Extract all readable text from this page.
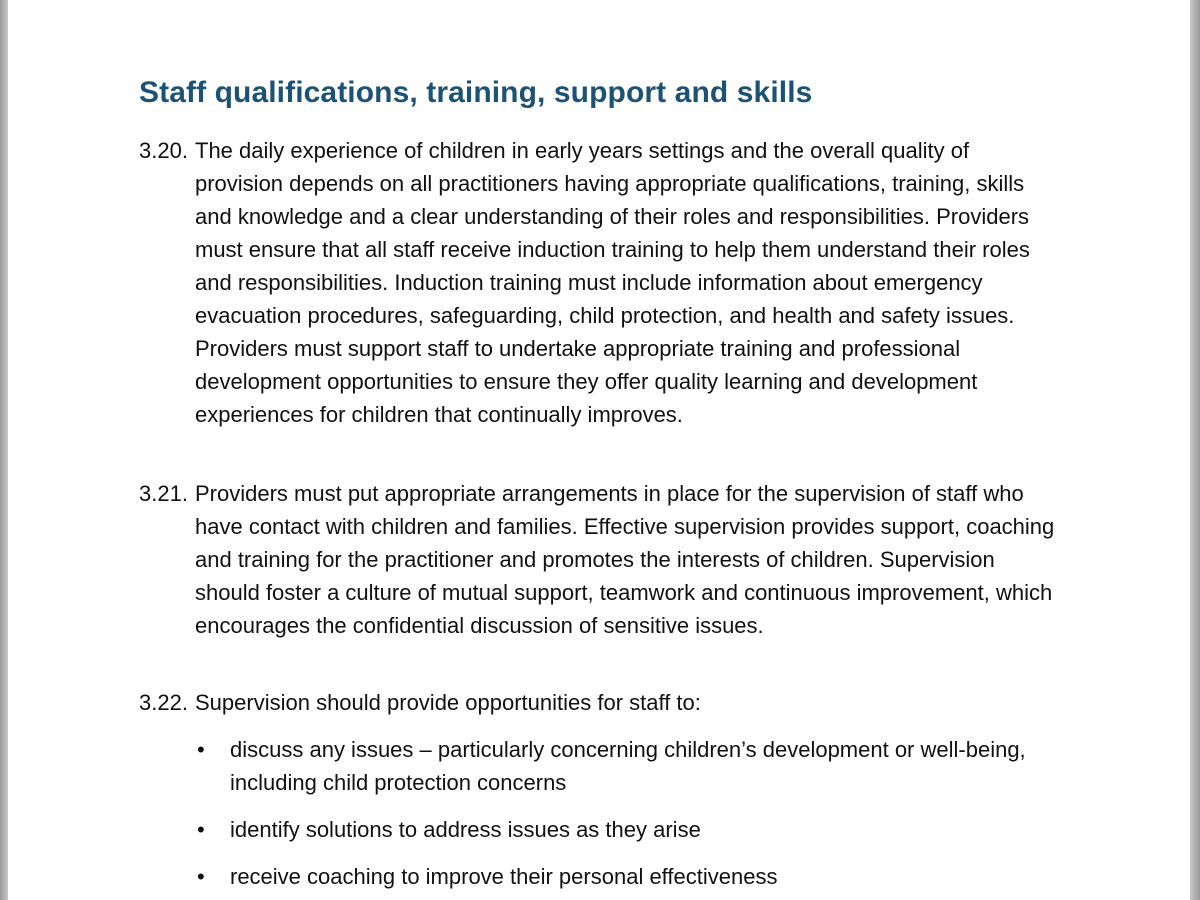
Staff qualifications, training, support and skills
3.20. The daily experience of children in early years settings and the overall quality of provision depends on all practitioners having appropriate qualifications, training, skills and knowledge and a clear understanding of their roles and responsibilities. Providers must ensure that all staff receive induction training to help them understand their roles and responsibilities. Induction training must include information about emergency evacuation procedures, safeguarding, child protection, and health and safety issues. Providers must support staff to undertake appropriate training and professional development opportunities to ensure they offer quality learning and development experiences for children that continually improves.
3.21. Providers must put appropriate arrangements in place for the supervision of staff who have contact with children and families. Effective supervision provides support, coaching and training for the practitioner and promotes the interests of children. Supervision should foster a culture of mutual support, teamwork and continuous improvement, which encourages the confidential discussion of sensitive issues.
3.22. Supervision should provide opportunities for staff to:
•	discuss any issues – particularly concerning children’s development or well-being, including child protection concerns
•	identify solutions to address issues as they arise
•	receive coaching to improve their personal effectiveness
